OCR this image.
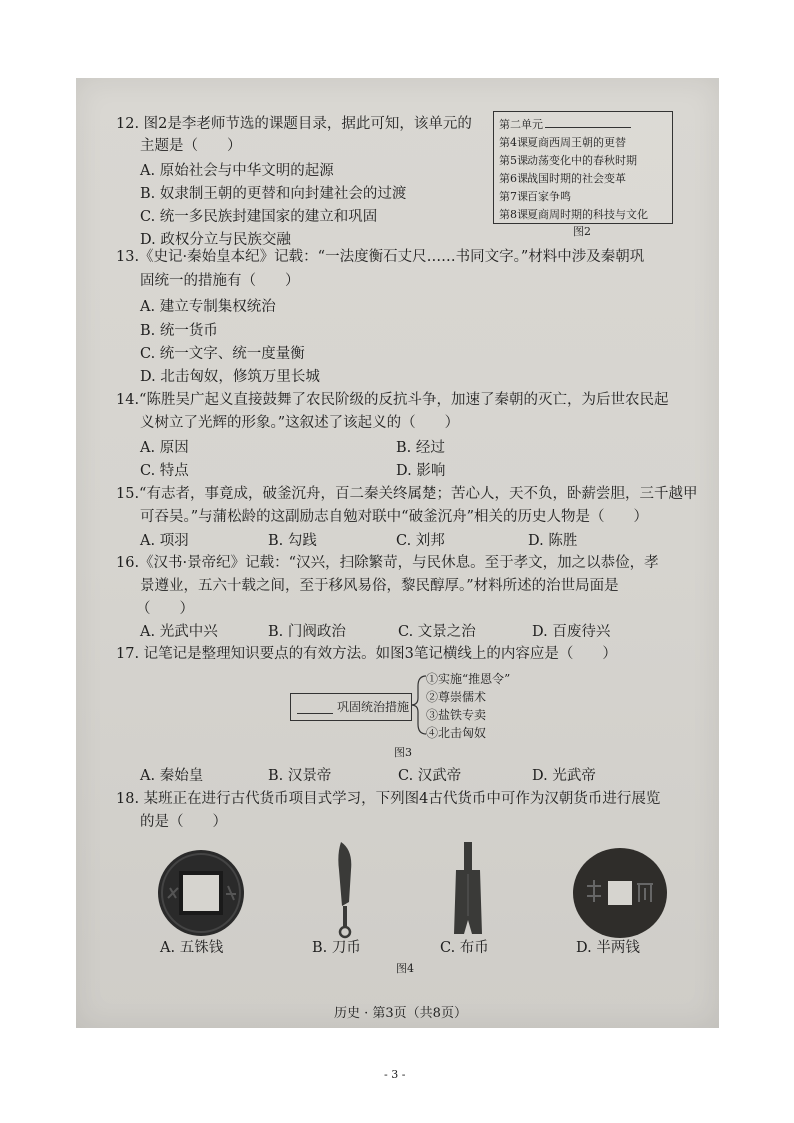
12. 图2是李老师节选的课题目录，据此可知，该单元的
主题是（　　）
A. 原始社会与中华文明的起源
B. 奴隶制王朝的更替和向封建社会的过渡
C. 统一多民族封建国家的建立和巩固
D. 政权分立与民族交融
第二单元
第4课夏商西周王朝的更替
第5课动荡变化中的春秋时期
第6课战国时期的社会变革
第7课百家争鸣
第8课夏商周时期的科技与文化
图2
13.《史记·秦始皇本纪》记载：“一法度衡石丈尺……书同文字。”材料中涉及秦朝巩
固统一的措施有（　　）
A. 建立专制集权统治
B. 统一货币
C. 统一文字、统一度量衡
D. 北击匈奴，修筑万里长城
14.“陈胜吴广起义直接鼓舞了农民阶级的反抗斗争，加速了秦朝的灭亡，为后世农民起
义树立了光辉的形象。”这叙述了该起义的（　　）
A. 原因	B. 经过
C. 特点	D. 影响
15.“有志者，事竟成，破釜沉舟，百二秦关终属楚；苦心人，天不负，卧薪尝胆，三千越甲
可吞吴。”与蒲松龄的这副励志自勉对联中“破釜沉舟”相关的历史人物是（　　）
A. 项羽	B. 勾践	C. 刘邦	D. 陈胜
16.《汉书·景帝纪》记载：“汉兴，扫除繁苛，与民休息。至于孝文，加之以恭俭，孝
景遵业，五六十载之间，至于移风易俗，黎民醇厚。”材料所述的治世局面是
（　　）
A. 光武中兴	B. 门阀政治	C. 文景之治	D. 百废待兴
17. 记笔记是整理知识要点的有效方法。如图3笔记横线上的内容应是（　　）
巩固统治措施
①实施“推恩令”
②尊崇儒术
③盐铁专卖
④北击匈奴
图3
A. 秦始皇	B. 汉景帝	C. 汉武帝	D. 光武帝
18. 某班正在进行古代货币项目式学习，下列图4古代货币中可作为汉朝货币进行展览
的是（　　）
A. 五铢钱	B. 刀币	C. 布币	D. 半两钱
图4
历史 · 第3页（共8页）
- 3 -
